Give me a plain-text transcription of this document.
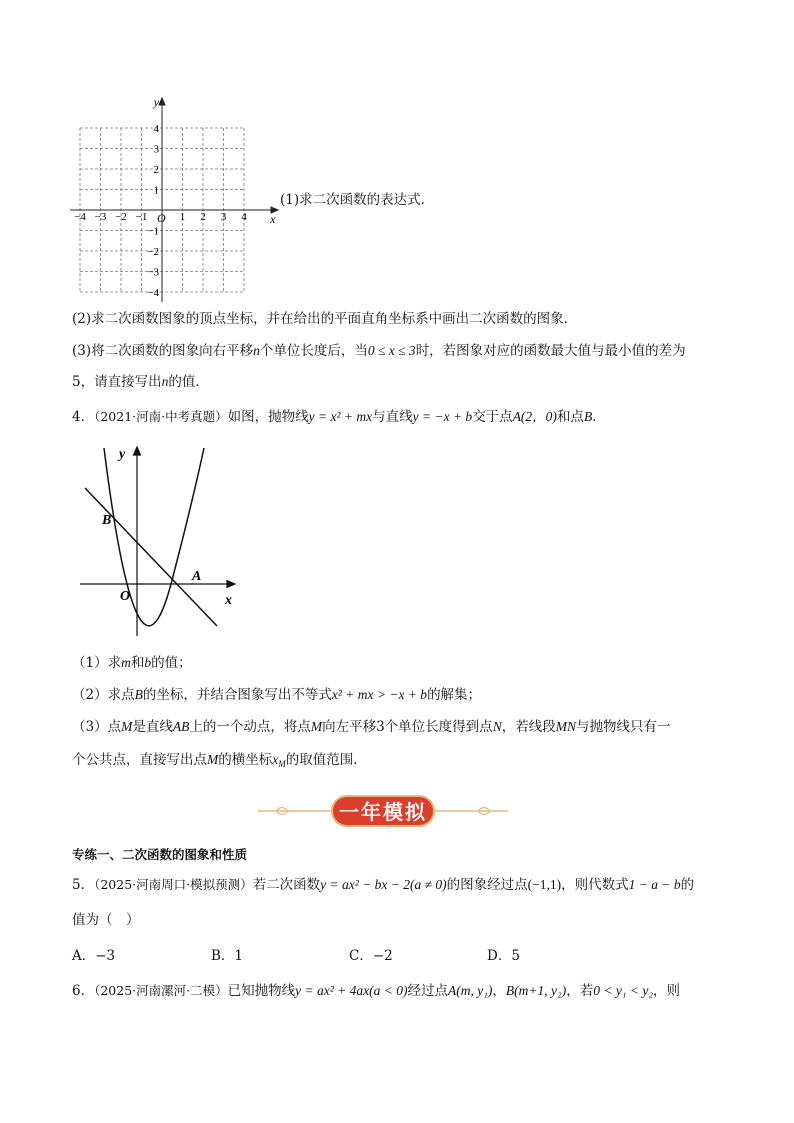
y
x
O
−4 −3 −2 −1	1 2 3 4
4
3
2
1
−1
−2
−3
−4
(1)求二次函数的表达式．
(2)求二次函数图象的顶点坐标，并在给出的平面直角坐标系中画出二次函数的图象．
(3)将二次函数的图象向右平移n个单位长度后，当0 ≤ x ≤ 3时，若图象对应的函数最大值与最小值的差为
5，请直接写出n的值．
4．（2021·河南·中考真题）如图，抛物线y = x² + mx与直线y = −x + b交于点A(2，0)和点B．
y
x
O
A
B
（1）求m和b的值；
（2）求点B的坐标，并结合图象写出不等式x² + mx > −x + b的解集；
（3）点M是直线AB上的一个动点，将点M向左平移3个单位长度得到点N，若线段MN与抛物线只有一
个公共点，直接写出点M的横坐标$x_M$的取值范围．
一年模拟
专练一、二次函数的图象和性质
5．（2025·河南周口·模拟预测）若二次函数y = ax² − bx − 2(a ≠ 0)的图象经过点(−1,1)，则代数式1 − a − b的
值为（　）
A．−3	B．1	C．−2	D．5
6．（2025·河南漯河·二模）已知抛物线y = ax² + 4ax(a < 0)经过点A(m, y₁)，B(m+1, y₂)，若0 < y₁ < y₂，则
